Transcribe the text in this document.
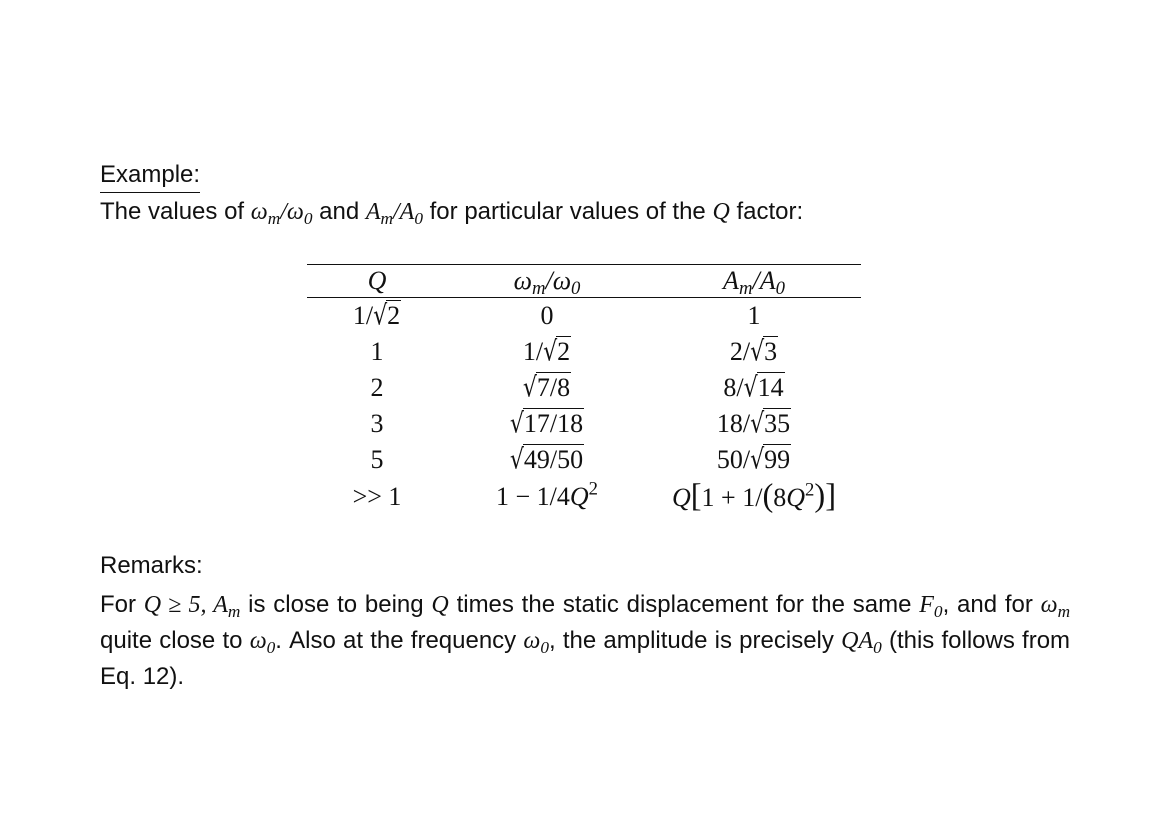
Example:
The values of $\omega_m/\omega_0$ and $A_m/A_0$ for particular values of the Q factor:
Q	$\omega_m/\omega_0$	$A_m/A_0$
1/√2	0	1
1	1/√2	2/√3
2	√7/8	8/√14
3	√17/18	18/√35
5	√49/50	50/√99
>> 1	$1 - 1/4Q^2$	$Q[1 + 1/(8Q^2)]$
Remarks:
For Q ≥ 5, $A_m$ is close to being Q times the static displacement for the same $F_0$, and for $\omega_m$ quite close to $\omega_0$. Also at the frequency $\omega_0$, the amplitude is precisely $QA_0$ (this follows from Eq. 12).
